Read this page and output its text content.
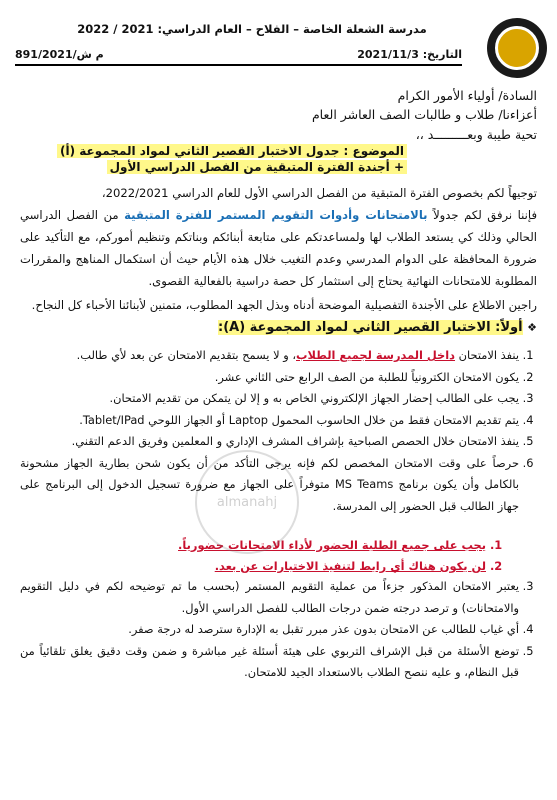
مدرسة الشعلة الخاصة – الفلاح – العام الدراسي: 2021 / 2022
التاريخ: 2021/11/3
م ش/891/2021
السادة/ أولياء الأمور الكرام
أعزاءنا/ طلاب و طالبات الصف العاشر العام
تحية طيبة وبعـــــــــد ،،
الموضوع : جدول الاختبار القصير الثاني لمواد المجموعة (أ)
+ أجندة الفترة المتبقية من الفصل الدراسي الأول
توجيهاً لكم بخصوص الفترة المتبقية من الفصل الدراسي الأول للعام الدراسي 2022/2021،
فإننا نرفق لكم جدولاً بالامتحانات وأدوات التقويم المستمر للفترة المتبقية من الفصل الدراسي الحالي وذلك كي يستعد الطلاب لها ولمساعدتكم على متابعة أبنائكم وبناتكم وتنظيم أموركم، مع التأكيد على ضرورة المحافظة على الدوام المدرسي وعدم التغيب خلال هذه الأيام حيث أن استكمال المناهج والمقررات المطلوبة للامتحانات النهائية يحتاج إلى استثمار كل حصة دراسية بالفعالية القصوى.
راجين الاطلاع على الأجندة التفصيلية الموضحة أدناه وبذل الجهد المطلوب، متمنين لأبنائنا الأحباء كل النجاح.
❖ أولاً: الاختبار القصير الثاني لمواد المجموعة (A):
1. ينفذ الامتحان داخل المدرسة لجميع الطلاب، و لا يسمح بتقديم الامتحان عن بعد لأي طالب.
2. يكون الامتحان الكترونياً للطلبة من الصف الرابع حتى الثاني عشر.
3. يجب على الطالب إحضار الجهاز الإلكتروني الخاص به و إلا لن يتمكن من تقديم الامتحان.
4. يتم تقديم الامتحان فقط من خلال الحاسوب المحمول Laptop أو الجهاز اللوحي Tablet/IPad.
5. ينفذ الامتحان خلال الحصص الصباحية بإشراف المشرف الإداري و المعلمين وفريق الدعم التقني.
6. حرصاً على وقت الامتحان المخصص لكم فإنه يرجى التأكد من أن يكون شحن بطارية الجهاز مشحونة بالكامل وأن يكون برنامج MS Teams متوفراً على الجهاز مع ضرورة تسجيل الدخول إلى البرنامج على جهاز الطالب قبل الحضور إلى المدرسة.
1. يجب على جميع الطلبة الحضور لأداء الامتحانات حضورياً.
2. لن يكون هناك أي رابط لتنفيذ الاختبارات عن بعد.
3. يعتبر الامتحان المذكور جزءاً من عملية التقويم المستمر (بحسب ما تم توضيحه لكم في دليل التقويم والامتحانات) و ترصد درجته ضمن درجات الطالب للفصل الدراسي الأول.
4. أي غياب للطالب عن الامتحان بدون عذر مبرر تقبل به الإدارة سترصد له درجة صفر.
5. توضع الأسئلة من قبل الإشراف التربوي على هيئة أسئلة غير مباشرة و ضمن وقت دقيق يغلق تلقائياً من قبل النظام، و عليه ننصح الطلاب بالاستعداد الجيد للامتحان.
almanahj
